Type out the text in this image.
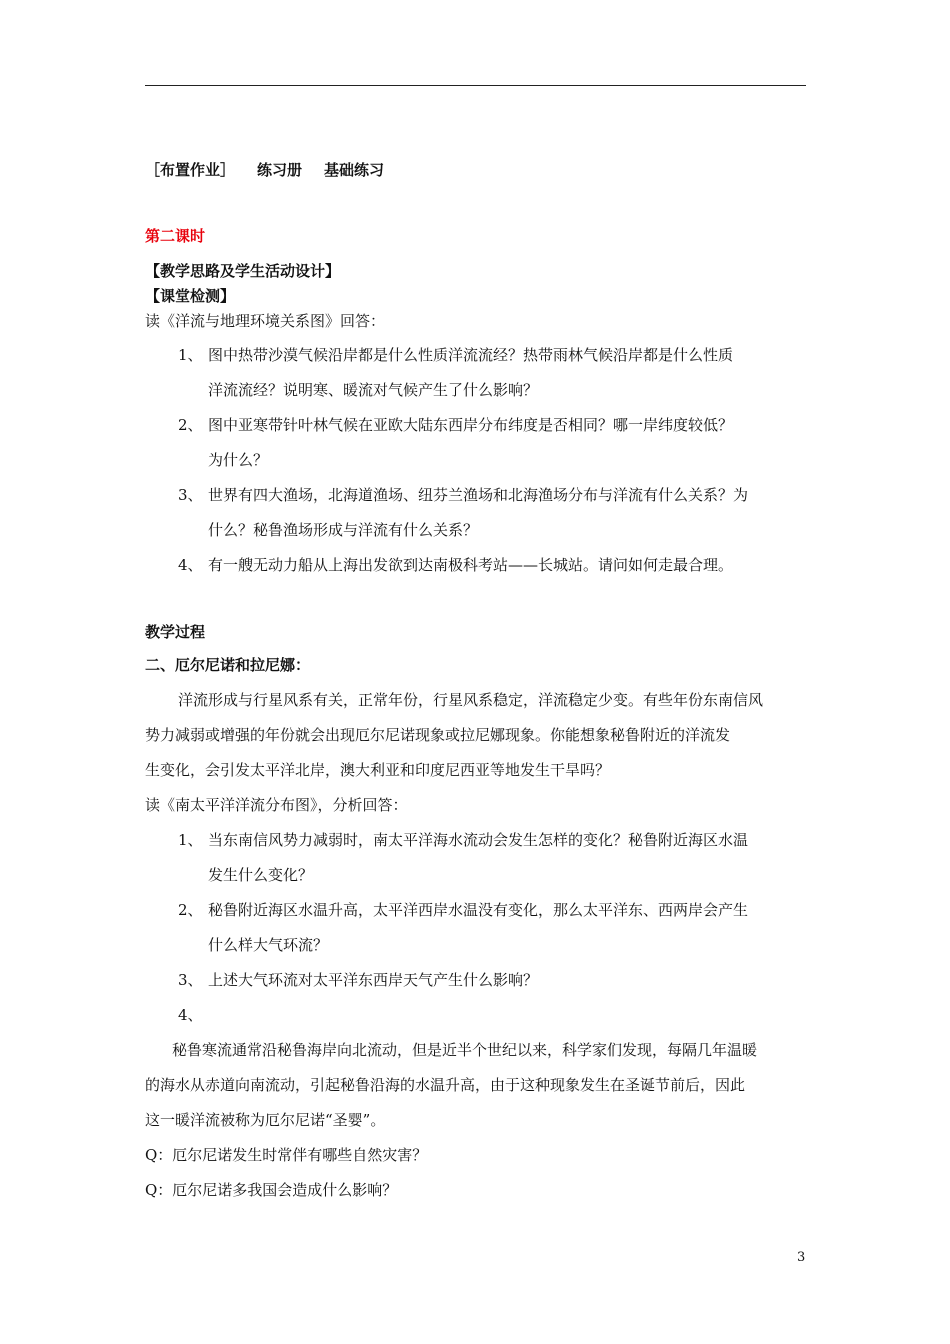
［布置作业］ 练习册 基础练习
第二课时
【教学思路及学生活动设计】
【课堂检测】
读《洋流与地理环境关系图》回答：
1、 图中热带沙漠气候沿岸都是什么性质洋流流经？热带雨林气候沿岸都是什么性质
洋流流经？说明寒、暖流对气候产生了什么影响？
2、 图中亚寒带针叶林气候在亚欧大陆东西岸分布纬度是否相同？哪一岸纬度较低？
为什么？
3、 世界有四大渔场，北海道渔场、纽芬兰渔场和北海渔场分布与洋流有什么关系？为
什么？秘鲁渔场形成与洋流有什么关系？
4、 有一艘无动力船从上海出发欲到达南极科考站——长城站。请问如何走最合理。
教学过程
二、厄尔尼诺和拉尼娜：
洋流形成与行星风系有关，正常年份，行星风系稳定，洋流稳定少变。有些年份东南信风
势力减弱或增强的年份就会出现厄尔尼诺现象或拉尼娜现象。你能想象秘鲁附近的洋流发
生变化，会引发太平洋北岸，澳大利亚和印度尼西亚等地发生干旱吗？
读《南太平洋洋流分布图》，分析回答：
1、 当东南信风势力减弱时，南太平洋海水流动会发生怎样的变化？秘鲁附近海区水温
发生什么变化？
2、 秘鲁附近海区水温升高，太平洋西岸水温没有变化，那么太平洋东、西两岸会产生
什么样大气环流？
3、 上述大气环流对太平洋东西岸天气产生什么影响？
4、
秘鲁寒流通常沿秘鲁海岸向北流动，但是近半个世纪以来，科学家们发现，每隔几年温暖
的海水从赤道向南流动，引起秘鲁沿海的水温升高，由于这种现象发生在圣诞节前后，因此
这一暖洋流被称为厄尔尼诺“圣婴”。
Q：厄尔尼诺发生时常伴有哪些自然灾害？
Q：厄尔尼诺多我国会造成什么影响？
3
